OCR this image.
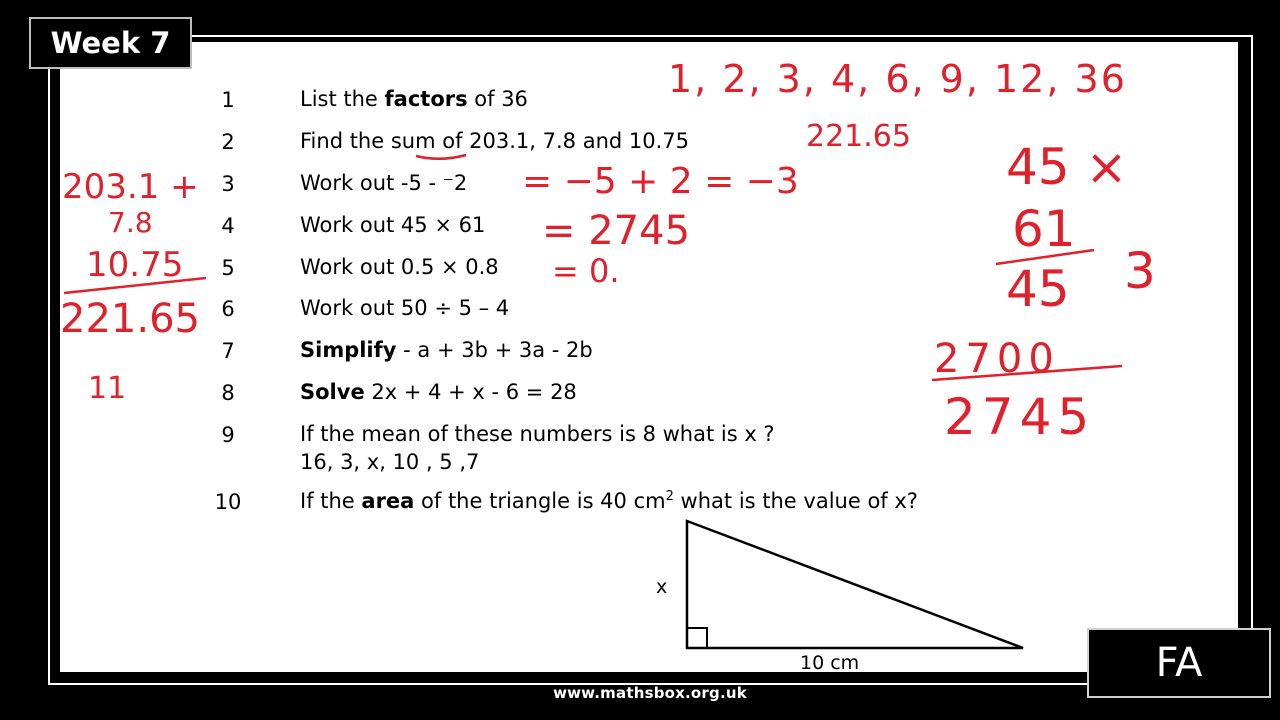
Week 7
1
2
3
4
5
6
7
8
9
10
List the factors of 36
Find the sum of 203.1, 7.8 and 10.75
Work out -5 - ⁻2
Work out 45 × 61
Work out 0.5 × 0.8
Work out 50 ÷ 5 – 4
Simplify - a + 3b + 3a - 2b
Solve 2x + 4 + x - 6 = 28
If the mean of these numbers is 8 what is x ?
16, 3, x, 10 , 5 ,7
If the area of the triangle is 40 $cm^2$ what is the value of x?
x
10 cm
1, 2, 3, 4, 6, 9, 12, 36
221.65
= −5 + 2 = −3
= 2745
= 0.
203.1 +
7.8
10.75
221.65
11
45 ×
61
45 3
2700
2745
FA
www.mathsbox.org.uk
